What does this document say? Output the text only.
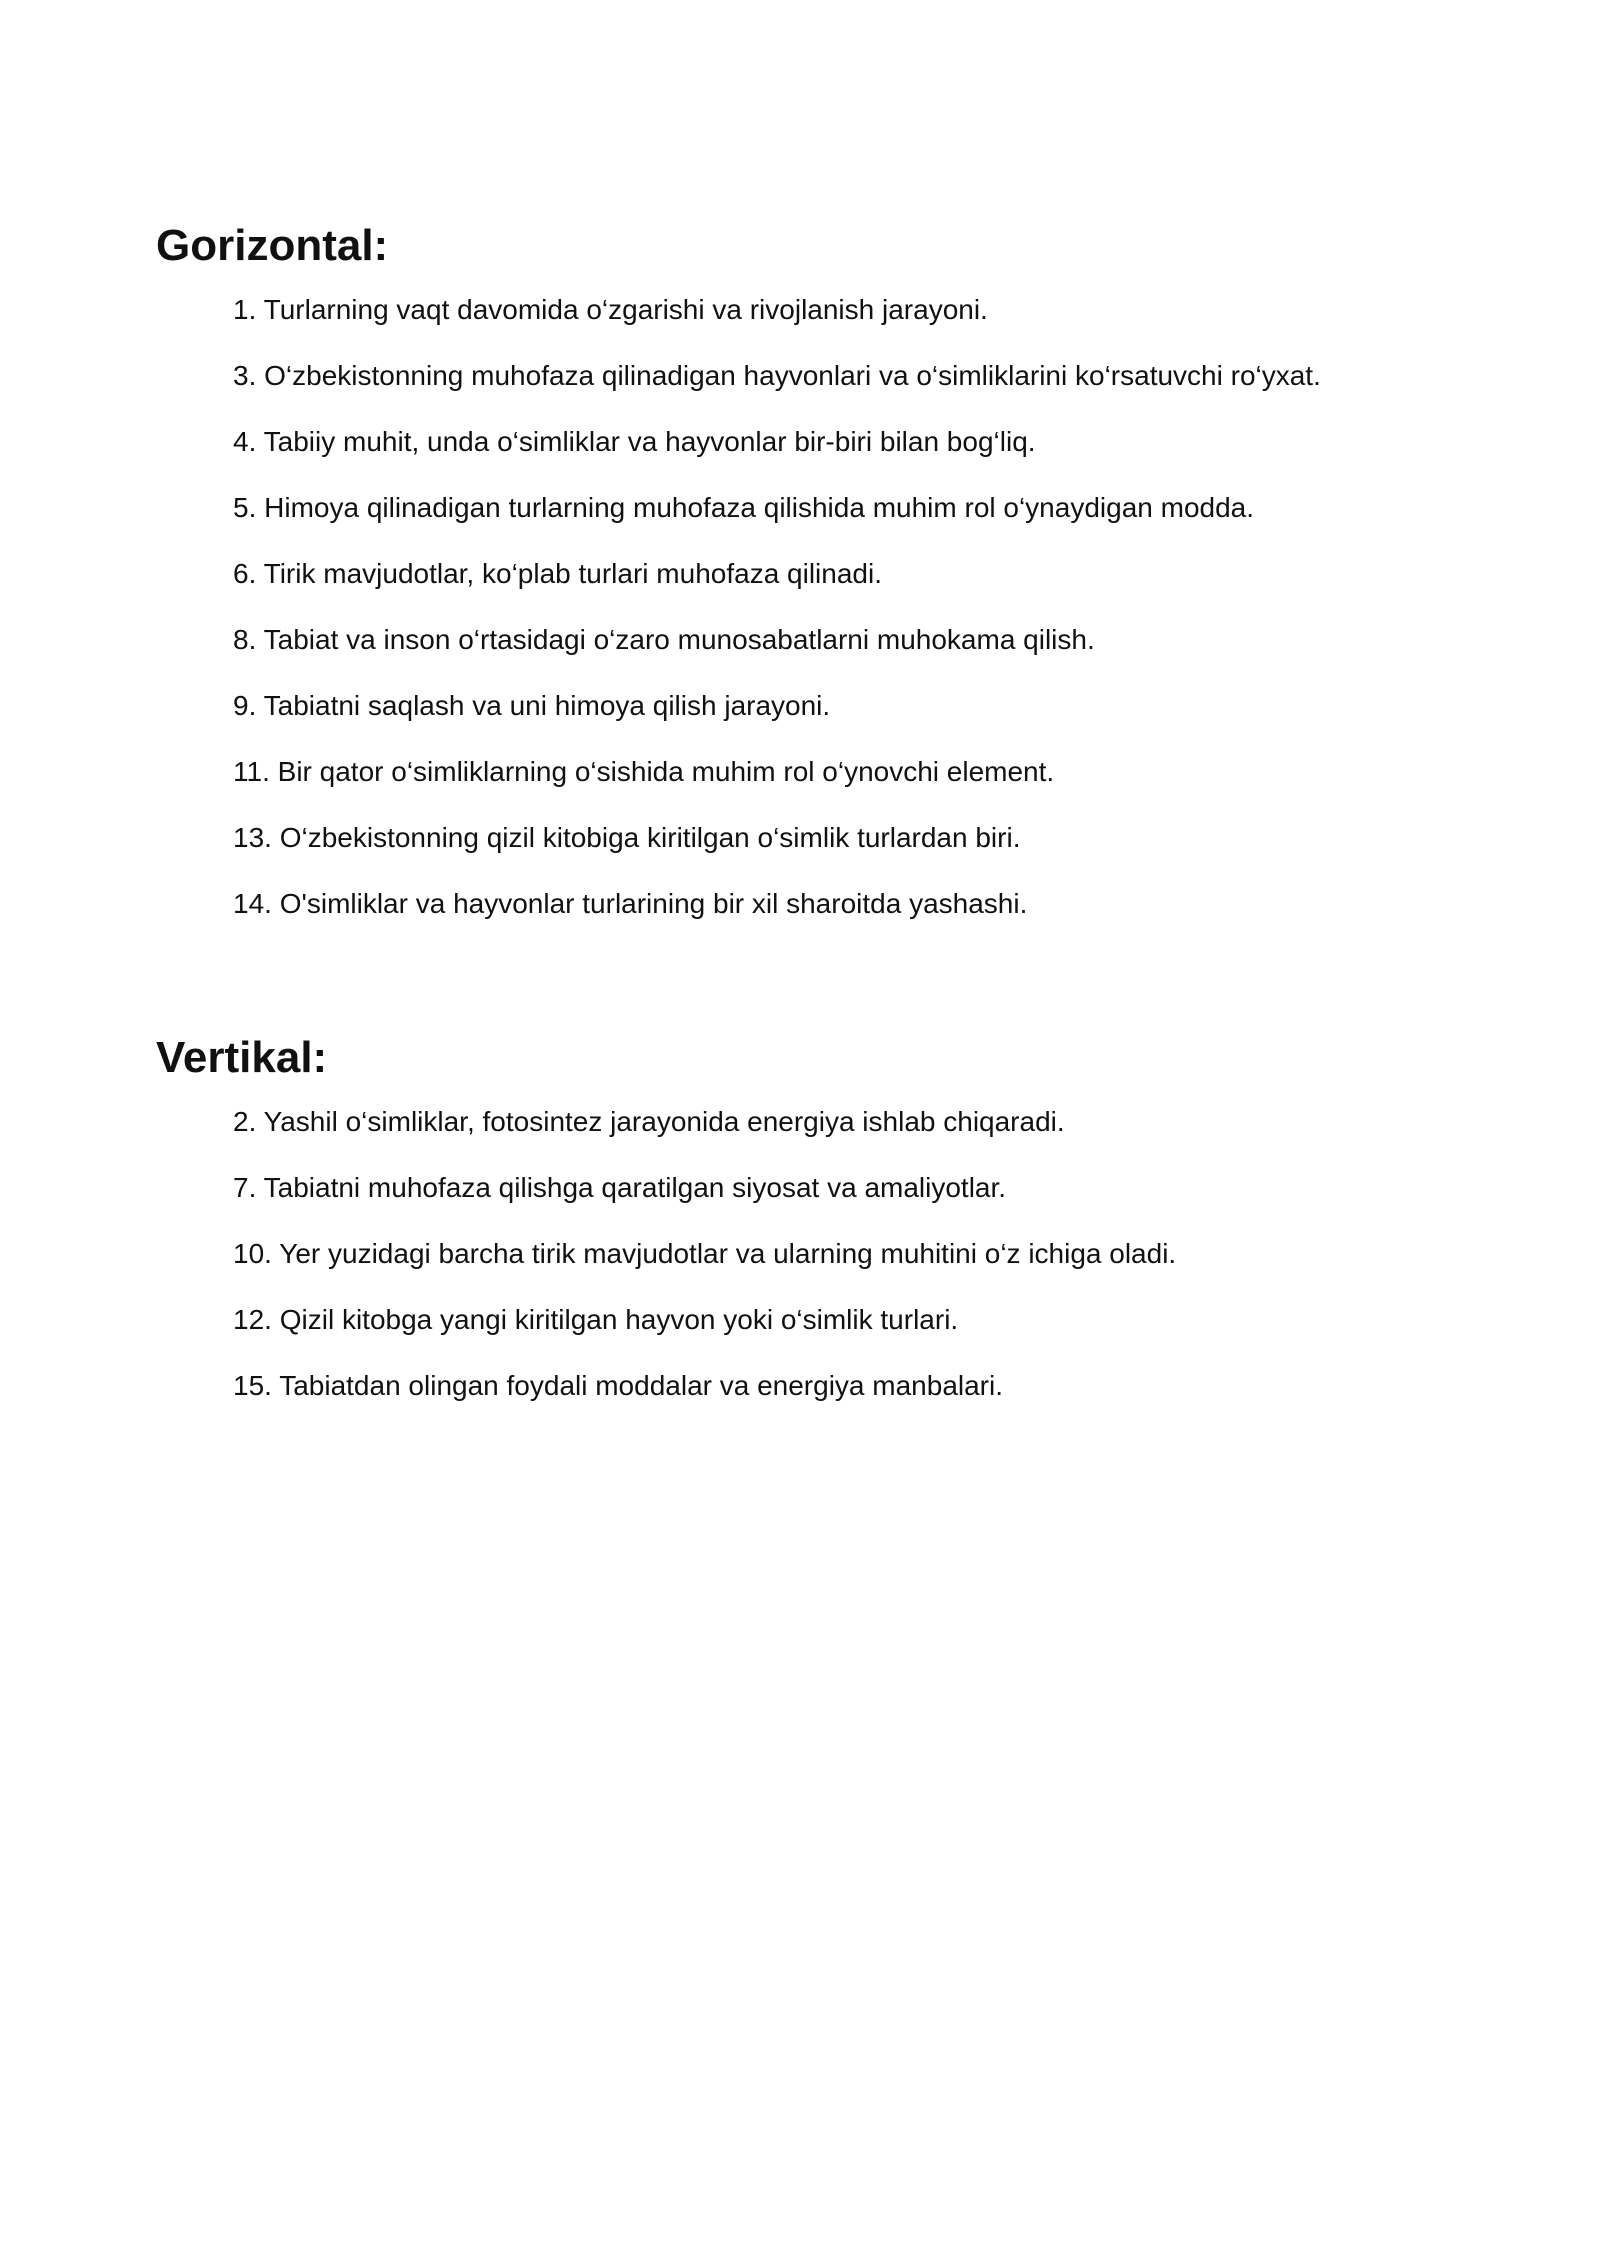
Gorizontal:
1. Turlarning vaqt davomida o‘zgarishi va rivojlanish jarayoni.
3. O‘zbekistonning muhofaza qilinadigan hayvonlari va o‘simliklarini ko‘rsatuvchi ro‘yxat.
4. Tabiiy muhit, unda o‘simliklar va hayvonlar bir-biri bilan bog‘liq.
5. Himoya qilinadigan turlarning muhofaza qilishida muhim rol o‘ynaydigan modda.
6. Tirik mavjudotlar, ko‘plab turlari muhofaza qilinadi.
8. Tabiat va inson o‘rtasidagi o‘zaro munosabatlarni muhokama qilish.
9. Tabiatni saqlash va uni himoya qilish jarayoni.
11. Bir qator o‘simliklarning o‘sishida muhim rol o‘ynovchi element.
13. O‘zbekistonning qizil kitobiga kiritilgan o‘simlik turlardan biri.
14. O'simliklar va hayvonlar turlarining bir xil sharoitda yashashi.
Vertikal:
2. Yashil o‘simliklar, fotosintez jarayonida energiya ishlab chiqaradi.
7. Tabiatni muhofaza qilishga qaratilgan siyosat va amaliyotlar.
10. Yer yuzidagi barcha tirik mavjudotlar va ularning muhitini o‘z ichiga oladi.
12. Qizil kitobga yangi kiritilgan hayvon yoki o‘simlik turlari.
15. Tabiatdan olingan foydali moddalar va energiya manbalari.
